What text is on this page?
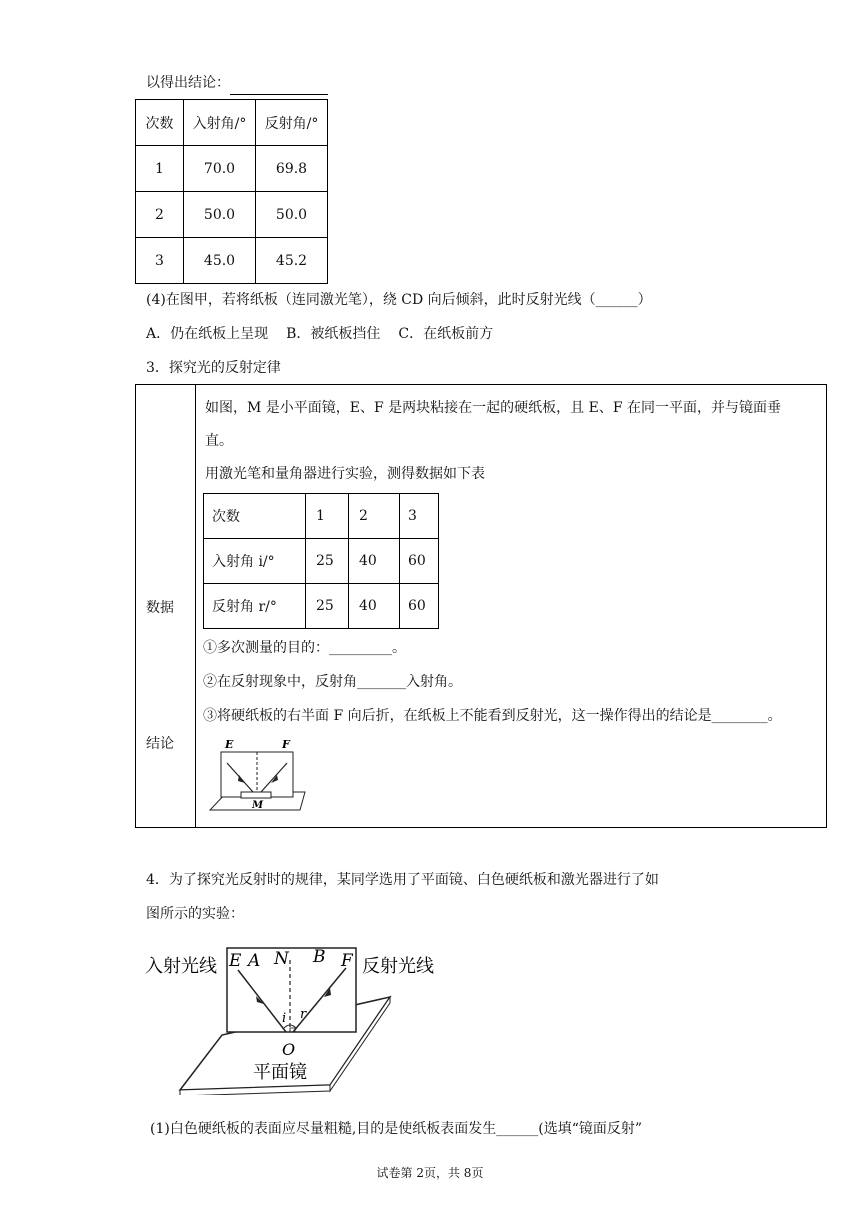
以得出结论：
次数	入射角/°	反射角/°
1	70.0	69.8
2	50.0	50.0
3	45.0	45.2
(4)在图甲，若将纸板（连同激光笔），绕 CD 向后倾斜，此时反射光线（______）
A．仍在纸板上呈现 B．被纸板挡住 C．在纸板前方
3．探究光的反射定律
数据
结论
如图，M 是小平面镜，E、F 是两块粘接在一起的硬纸板，且 E、F 在同一平面，并与镜面垂
直。
用激光笔和量角器进行实验，测得数据如下表
次数	1	2	3
入射角 i/°	25	40	60
反射角 r/°	25	40	60
①多次测量的目的：_________。
②在反射现象中，反射角_______入射角。
③将硬纸板的右半面 F 向后折，在纸板上不能看到反射光，这一操作得出的结论是________。
E	F
M
4．为了探究光反射时的规律，某同学选用了平面镜、白色硬纸板和激光器进行了如
图所示的实验：
入射光线	反射光线
E A N B F
i r
O
平面镜
(1)白色硬纸板的表面应尽量粗糙,目的是使纸板表面发生______(选填“镜面反射”
试卷第 2页，共 8页
